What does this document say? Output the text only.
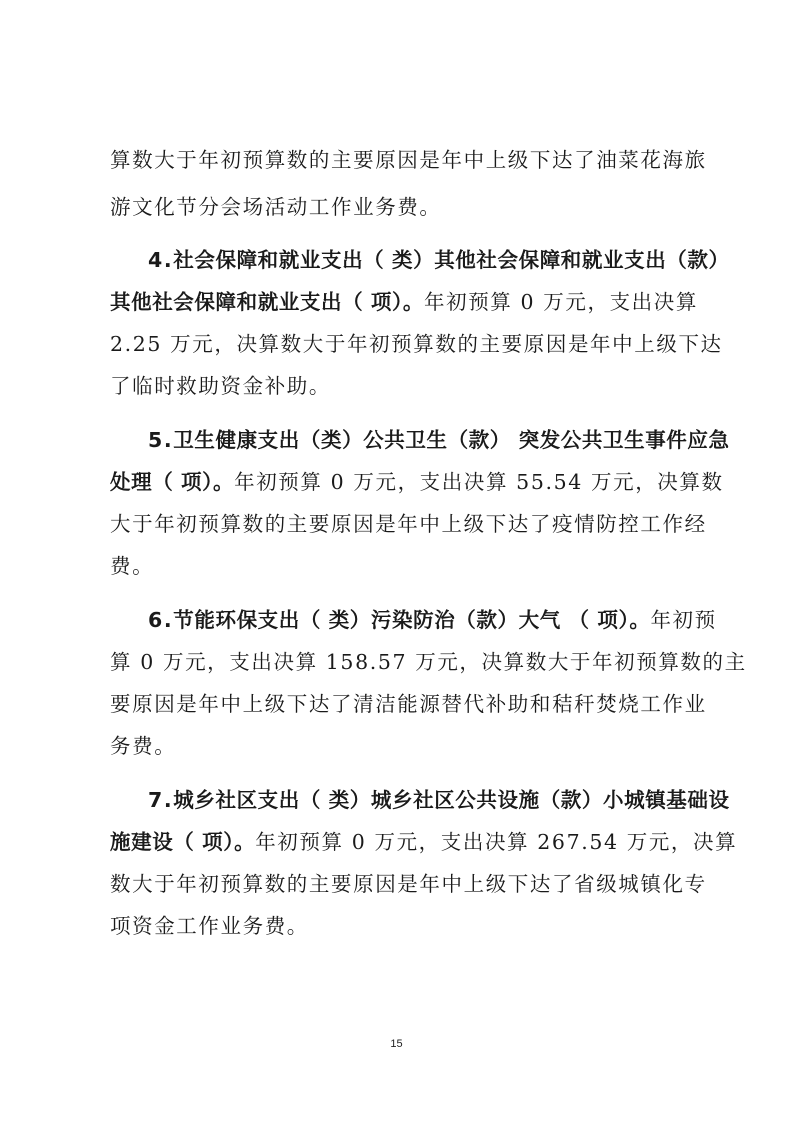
算数大于年初预算数的主要原因是年中上级下达了油菜花海旅
游文化节分会场活动工作业务费。
4.社会保障和就业支出（ 类）其他社会保障和就业支出（款）
其他社会保障和就业支出（ 项）。年初预算 0 万元，支出决算
2.25 万元，决算数大于年初预算数的主要原因是年中上级下达
了临时救助资金补助。
5.卫生健康支出（类）公共卫生（款） 突发公共卫生事件应急
处理（ 项）。年初预算 0 万元，支出决算 55.54 万元，决算数
大于年初预算数的主要原因是年中上级下达了疫情防控工作经
费。
6.节能环保支出（ 类）污染防治（款）大气 （ 项）。年初预
算 0 万元，支出决算 158.57 万元，决算数大于年初预算数的主
要原因是年中上级下达了清洁能源替代补助和秸秆焚烧工作业
务费。
7.城乡社区支出（ 类）城乡社区公共设施（款）小城镇基础设
施建设（ 项）。年初预算 0 万元，支出决算 267.54 万元，决算
数大于年初预算数的主要原因是年中上级下达了省级城镇化专
项资金工作业务费。
15
